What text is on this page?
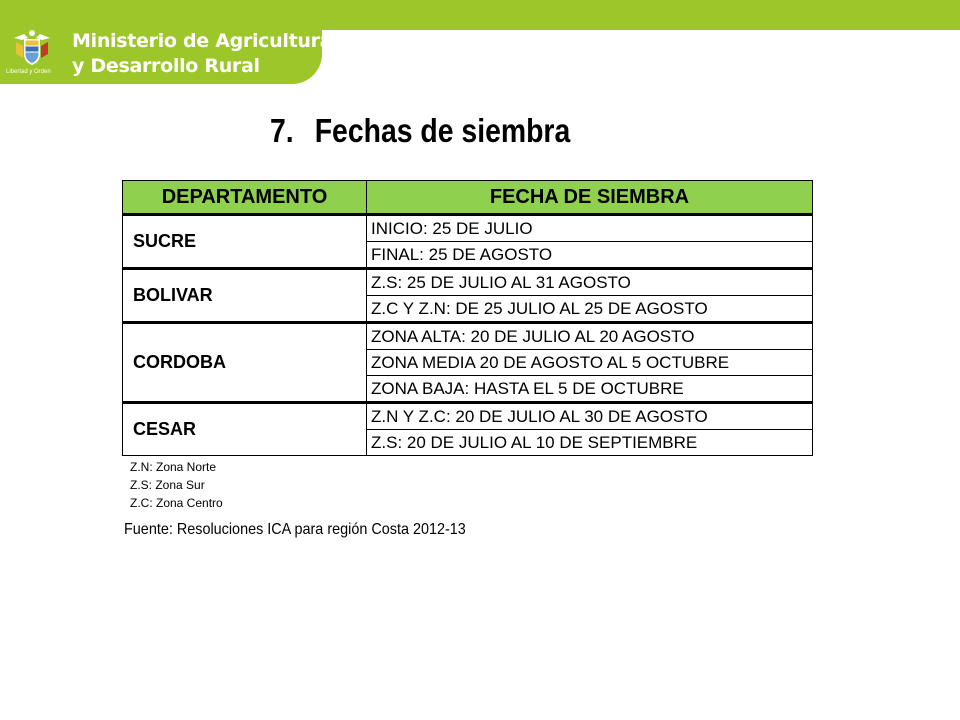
Libertad y Orden
Ministerio de Agricultura
y Desarrollo Rural
7. Fechas de siembra
DEPARTAMENTO	FECHA DE SIEMBRA
SUCRE	INICIO: 25 DE JULIO
	FINAL: 25 DE AGOSTO
BOLIVAR	Z.S: 25 DE JULIO AL 31 AGOSTO
	Z.C Y Z.N: DE 25 JULIO AL 25 DE AGOSTO
CORDOBA	ZONA ALTA: 20 DE JULIO AL 20 AGOSTO
	ZONA MEDIA 20 DE AGOSTO AL 5 OCTUBRE
	ZONA BAJA: HASTA EL 5 DE OCTUBRE
CESAR	Z.N Y Z.C: 20 DE JULIO AL 30 DE AGOSTO
	Z.S: 20 DE JULIO AL 10 DE SEPTIEMBRE
Z.N: Zona Norte
Z.S: Zona Sur
Z.C: Zona Centro
Fuente: Resoluciones ICA para región Costa 2012-13
